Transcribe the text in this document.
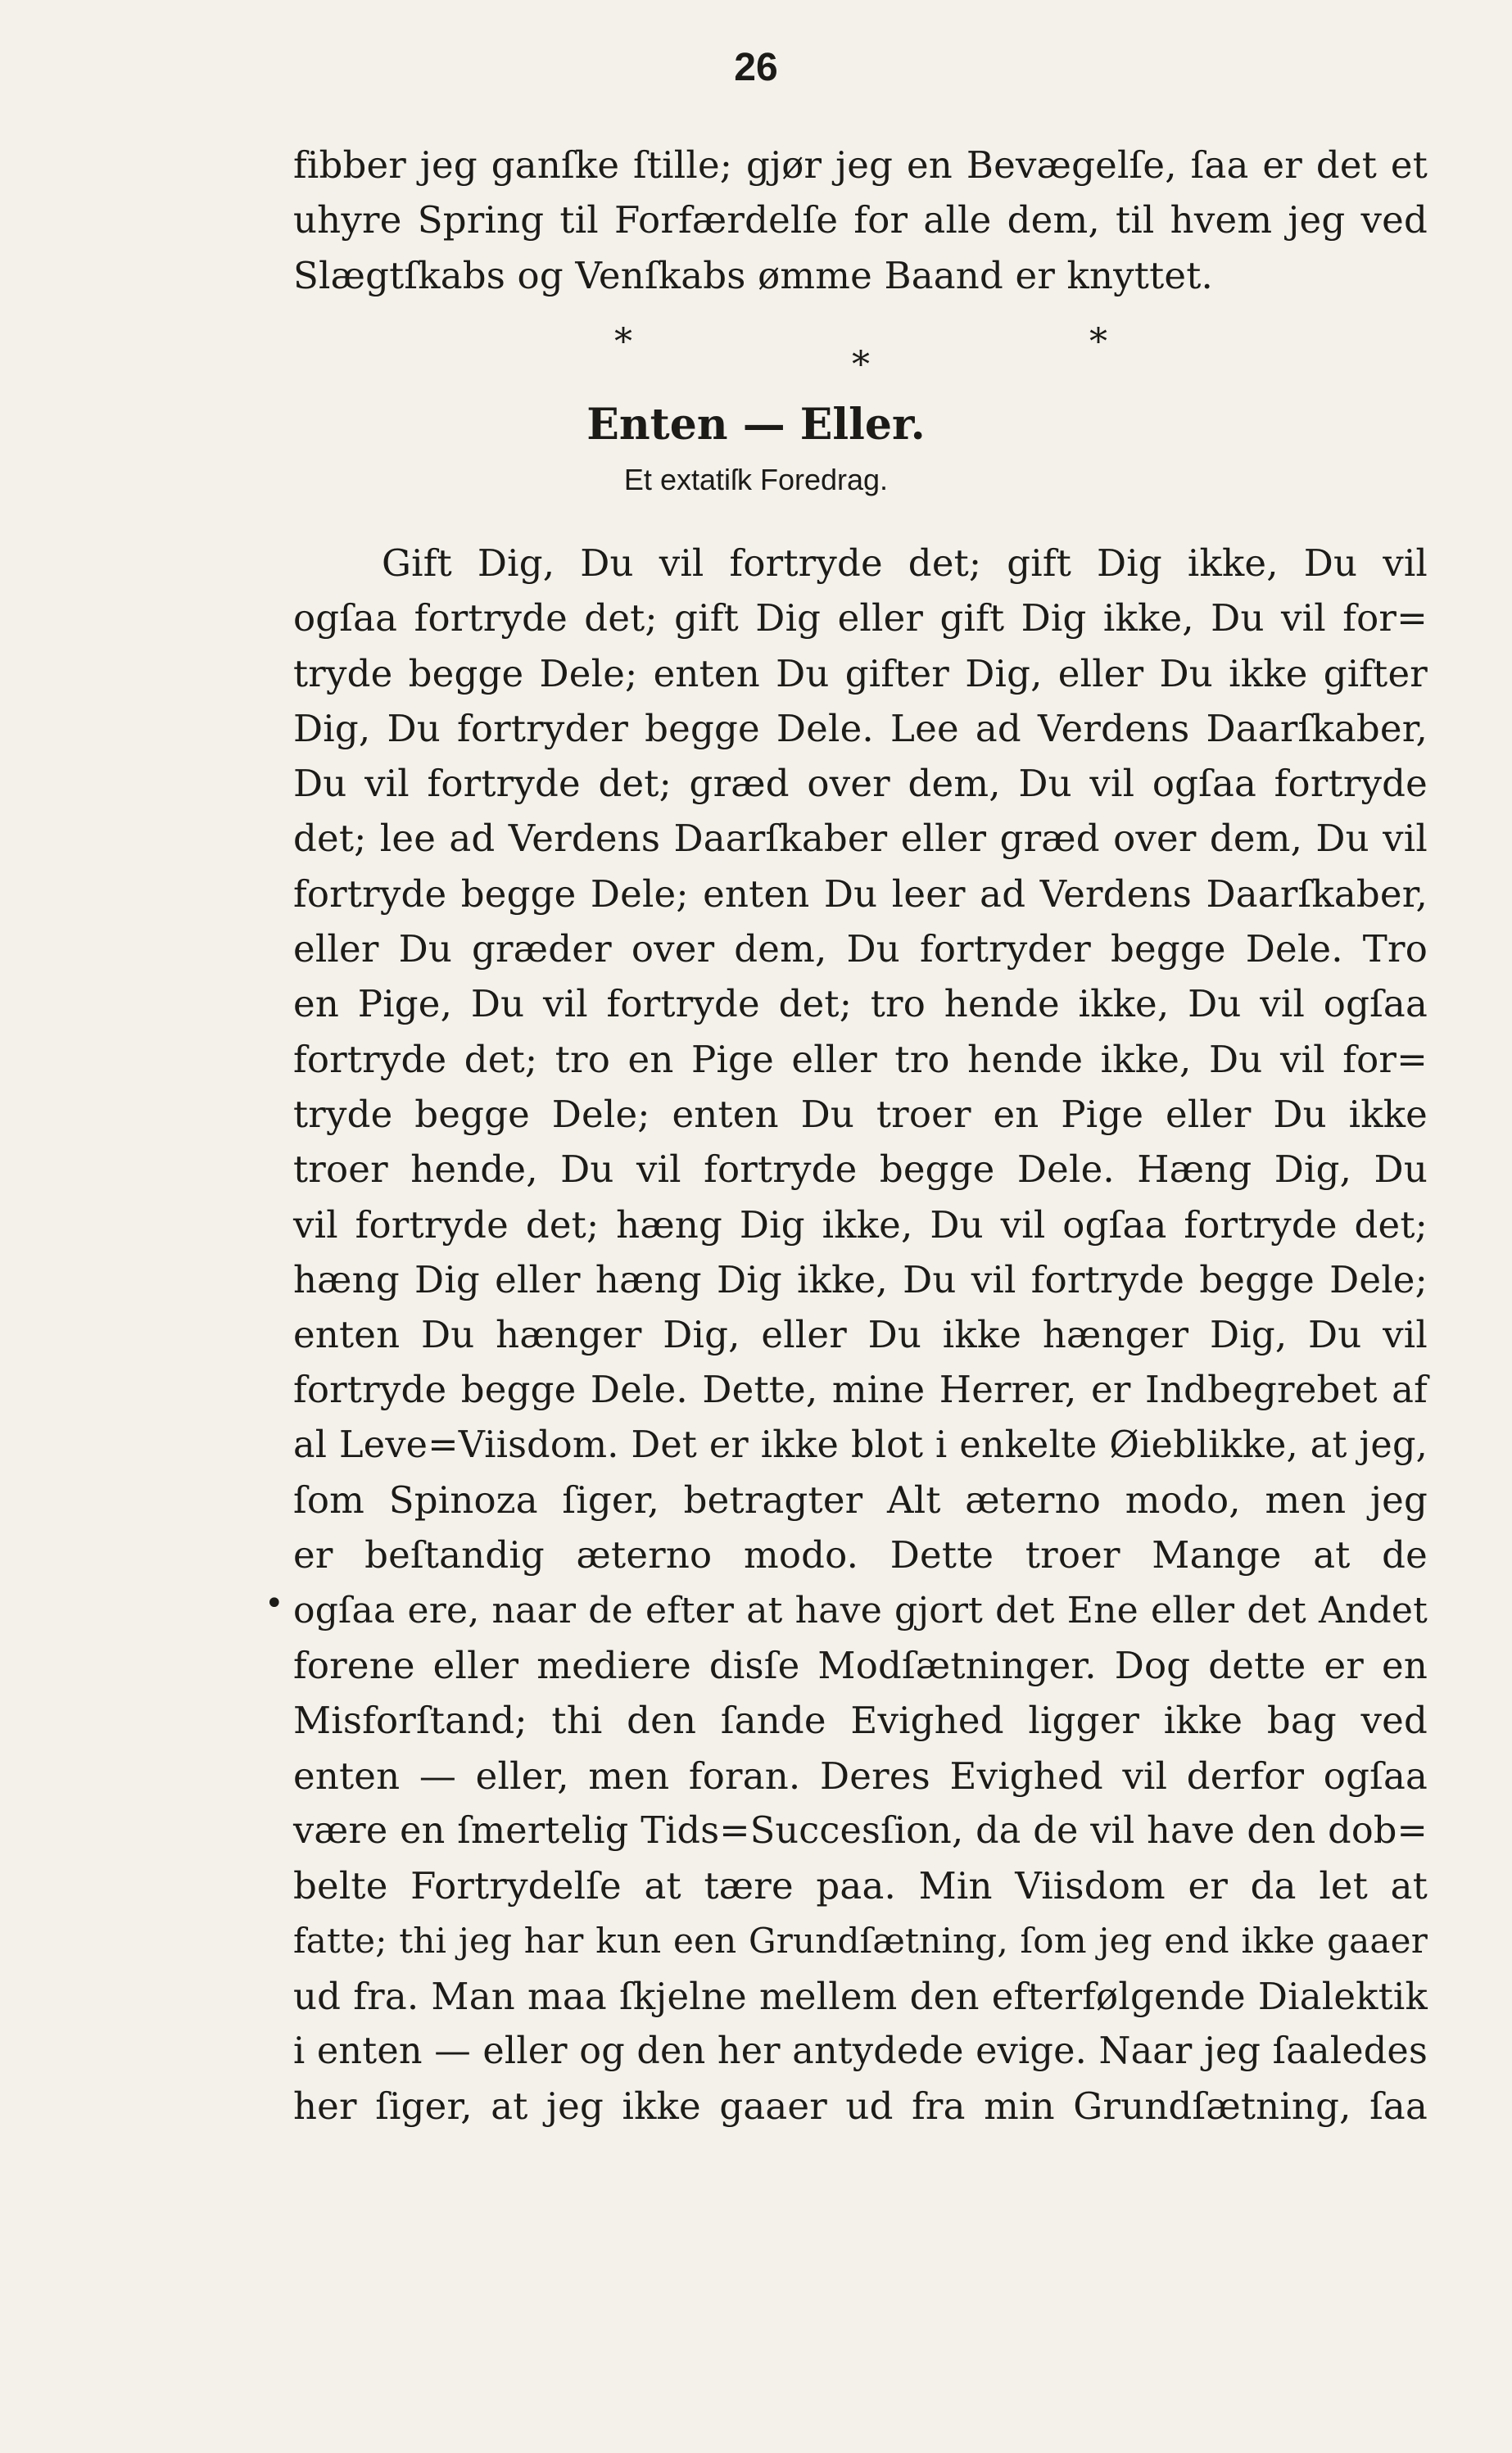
26
fibber jeg ganſke ſtille; gjør jeg en Bevægelſe, ſaa er det et
uhyre Spring til Forfærdelſe for alle dem, til hvem jeg ved
Slægtſkabs og Venſkabs ømme Baand er knyttet.
*
*
*
Enten — Eller.
Et extatiſk Foredrag.
Gift Dig, Du vil fortryde det; gift Dig ikke, Du vil
ogſaa fortryde det; gift Dig eller gift Dig ikke, Du vil for=
tryde begge Dele; enten Du gifter Dig, eller Du ikke gifter
Dig, Du fortryder begge Dele. Lee ad Verdens Daarſkaber,
Du vil fortryde det; græd over dem, Du vil ogſaa fortryde
det; lee ad Verdens Daarſkaber eller græd over dem, Du vil
fortryde begge Dele; enten Du leer ad Verdens Daarſkaber,
eller Du græder over dem, Du fortryder begge Dele. Tro
en Pige, Du vil fortryde det; tro hende ikke, Du vil ogſaa
fortryde det; tro en Pige eller tro hende ikke, Du vil for=
tryde begge Dele; enten Du troer en Pige eller Du ikke
troer hende, Du vil fortryde begge Dele. Hæng Dig, Du
vil fortryde det; hæng Dig ikke, Du vil ogſaa fortryde det;
hæng Dig eller hæng Dig ikke, Du vil fortryde begge Dele;
enten Du hænger Dig, eller Du ikke hænger Dig, Du vil
fortryde begge Dele. Dette, mine Herrer, er Indbegrebet af
al Leve=Viisdom. Det er ikke blot i enkelte Øieblikke, at jeg,
ſom Spinoza ſiger, betragter Alt æterno modo, men jeg
er beſtandig æterno modo. Dette troer Mange at de
ogſaa ere, naar de efter at have gjort det Ene eller det Andet
forene eller mediere disſe Modſætninger. Dog dette er en
Misforſtand; thi den ſande Evighed ligger ikke bag ved
enten — eller, men foran. Deres Evighed vil derfor ogſaa
være en ſmertelig Tids=Succesſion, da de vil have den dob=
belte Fortrydelſe at tære paa. Min Viisdom er da let at
fatte; thi jeg har kun een Grundſætning, ſom jeg end ikke gaaer
ud fra. Man maa ſkjelne mellem den efterfølgende Dialektik
i enten — eller og den her antydede evige. Naar jeg ſaaledes
her ſiger, at jeg ikke gaaer ud fra min Grundſætning, ſaa
•
